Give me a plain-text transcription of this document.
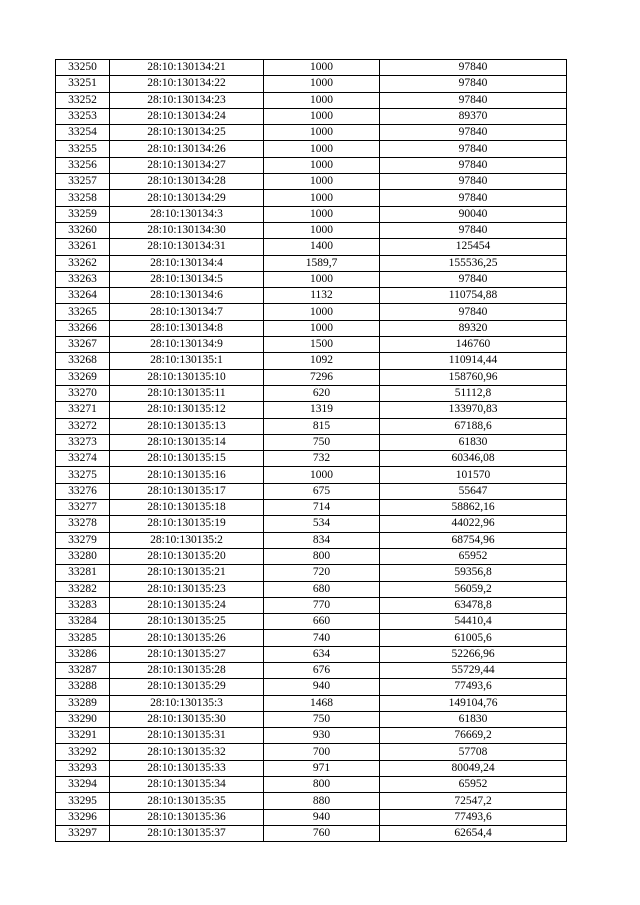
33250	28:10:130134:21	1000	97840
33251	28:10:130134:22	1000	97840
33252	28:10:130134:23	1000	97840
33253	28:10:130134:24	1000	89370
33254	28:10:130134:25	1000	97840
33255	28:10:130134:26	1000	97840
33256	28:10:130134:27	1000	97840
33257	28:10:130134:28	1000	97840
33258	28:10:130134:29	1000	97840
33259	28:10:130134:3	1000	90040
33260	28:10:130134:30	1000	97840
33261	28:10:130134:31	1400	125454
33262	28:10:130134:4	1589,7	155536,25
33263	28:10:130134:5	1000	97840
33264	28:10:130134:6	1132	110754,88
33265	28:10:130134:7	1000	97840
33266	28:10:130134:8	1000	89320
33267	28:10:130134:9	1500	146760
33268	28:10:130135:1	1092	110914,44
33269	28:10:130135:10	7296	158760,96
33270	28:10:130135:11	620	51112,8
33271	28:10:130135:12	1319	133970,83
33272	28:10:130135:13	815	67188,6
33273	28:10:130135:14	750	61830
33274	28:10:130135:15	732	60346,08
33275	28:10:130135:16	1000	101570
33276	28:10:130135:17	675	55647
33277	28:10:130135:18	714	58862,16
33278	28:10:130135:19	534	44022,96
33279	28:10:130135:2	834	68754,96
33280	28:10:130135:20	800	65952
33281	28:10:130135:21	720	59356,8
33282	28:10:130135:23	680	56059,2
33283	28:10:130135:24	770	63478,8
33284	28:10:130135:25	660	54410,4
33285	28:10:130135:26	740	61005,6
33286	28:10:130135:27	634	52266,96
33287	28:10:130135:28	676	55729,44
33288	28:10:130135:29	940	77493,6
33289	28:10:130135:3	1468	149104,76
33290	28:10:130135:30	750	61830
33291	28:10:130135:31	930	76669,2
33292	28:10:130135:32	700	57708
33293	28:10:130135:33	971	80049,24
33294	28:10:130135:34	800	65952
33295	28:10:130135:35	880	72547,2
33296	28:10:130135:36	940	77493,6
33297	28:10:130135:37	760	62654,4
